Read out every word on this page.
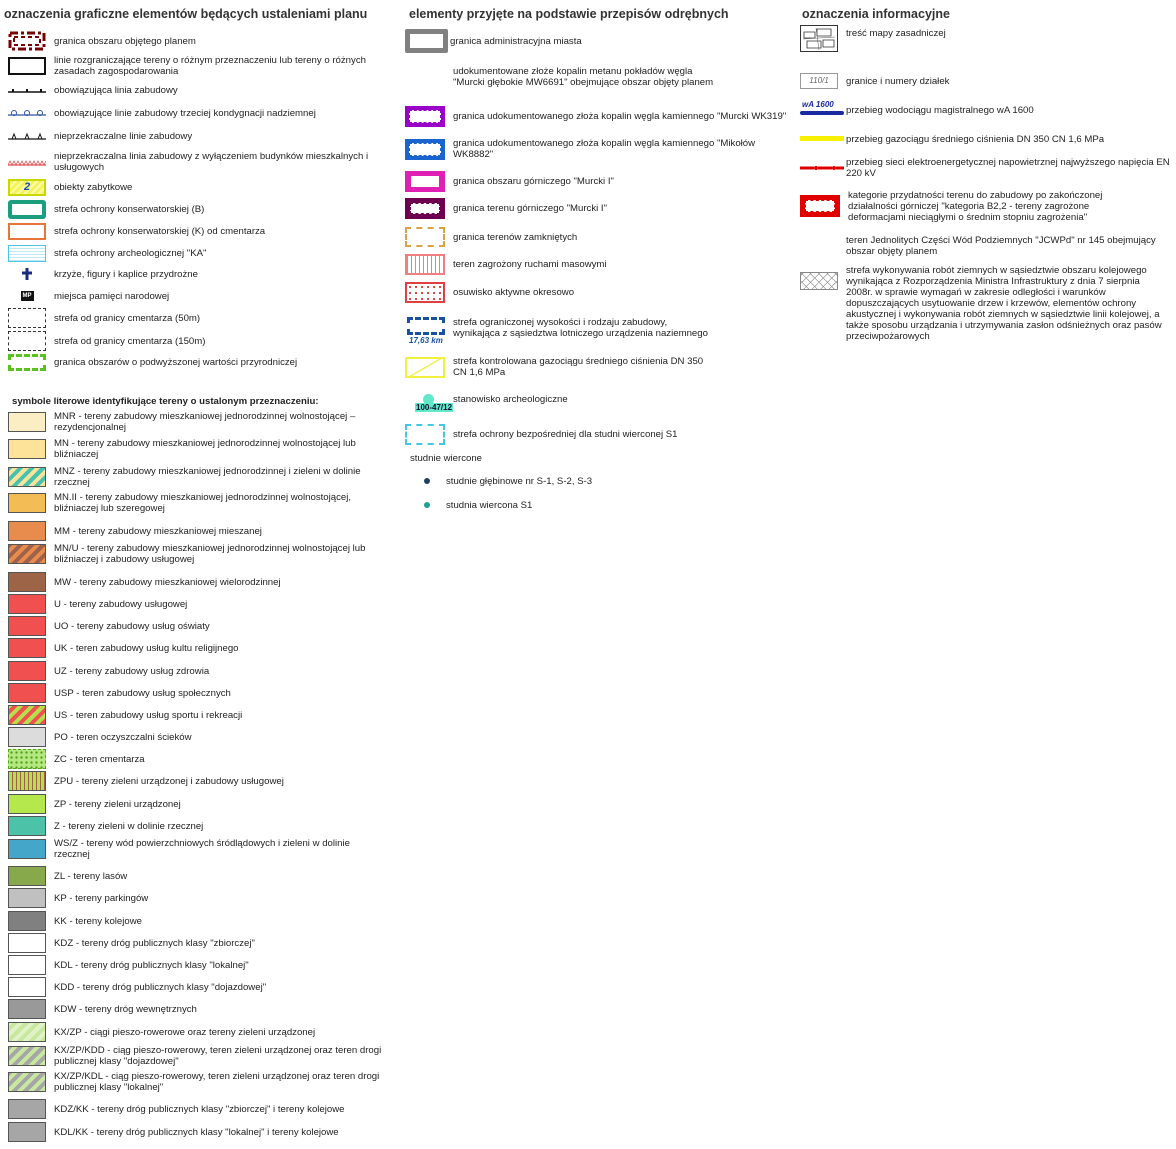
oznaczenia graficzne elementów będących ustaleniami planu
granica obszaru objętego planem
linie rozgraniczające tereny o różnym przeznaczeniu lub tereny o różnych zasadach zagospodarowania
obowiązująca linia zabudowy
obowiązujące linie zabudowy trzeciej kondygnacji nadziemnej
nieprzekraczalne linie zabudowy
nieprzekraczalna linia zabudowy z wyłączeniem budynków mieszkalnych i usługowych
2	obiekty zabytkowe
strefa ochrony konserwatorskiej (B)
strefa ochrony konserwatorskiej (K) od cmentarza
strefa ochrony archeologicznej "KA"
krzyże, figury i kaplice przydrożne
MP miejsca pamięci narodowej
strefa od granicy cmentarza (50m)
strefa od granicy cmentarza (150m)
granica obszarów o podwyższonej wartości przyrodniczej
symbole literowe identyfikujące tereny o ustalonym przeznaczeniu:
MNR - tereny zabudowy mieszkaniowej jednorodzinnej wolnostojącej – rezydencjonalnej
MN - tereny zabudowy mieszkaniowej jednorodzinnej wolnostojącej lub bliźniaczej
MNZ - tereny zabudowy mieszkaniowej jednorodzinnej i zieleni w dolinie rzecznej
MN.II - tereny zabudowy mieszkaniowej jednorodzinnej wolnostojącej, bliźniaczej lub szeregowej
MM - tereny zabudowy mieszkaniowej mieszanej
MN/U - tereny zabudowy mieszkaniowej jednorodzinnej wolnostojącej lub bliźniaczej i zabudowy usługowej
MW - tereny zabudowy mieszkaniowej wielorodzinnej
U - tereny zabudowy usługowej
UO - tereny zabudowy usług oświaty
UK - teren zabudowy usług kultu religijnego
UZ - tereny zabudowy usług zdrowia
USP - teren zabudowy usług społecznych
US - teren zabudowy usług sportu i rekreacji
PO - teren oczyszczalni ścieków
ZC - teren cmentarza
ZPU - tereny zieleni urządzonej i zabudowy usługowej
ZP - tereny zieleni urządzonej
Z - tereny zieleni w dolinie rzecznej
WS/Z - tereny wód powierzchniowych śródlądowych i zieleni w dolinie rzecznej
ZL - tereny lasów
KP - tereny parkingów
KK - tereny kolejowe
KDZ - tereny dróg publicznych klasy "zbiorczej"
KDL - tereny dróg publicznych klasy "lokalnej"
KDD - tereny dróg publicznych klasy "dojazdowej"
KDW - tereny dróg wewnętrznych
KX/ZP - ciągi pieszo-rowerowe oraz tereny zieleni urządzonej
KX/ZP/KDD - ciąg pieszo-rowerowy, teren zieleni urządzonej oraz teren drogi publicznej klasy "dojazdowej"
KX/ZP/KDL - ciąg pieszo-rowerowy, teren zieleni urządzonej oraz teren drogi publicznej klasy "lokalnej"
KDZ/KK - tereny dróg publicznych klasy "zbiorczej" i tereny kolejowe
KDL/KK - tereny dróg publicznych klasy "lokalnej" i tereny kolejowe
elementy przyjęte na podstawie przepisów odrębnych
granica administracyjna miasta
udokumentowane złoże kopalin metanu pokładów węgla "Murcki głębokie MW6691" obejmujące obszar objęty planem
granica udokumentowanego złoża kopalin węgla kamiennego "Murcki WK319"
granica udokumentowanego złoża kopalin węgla kamiennego "Mikołów WK8882"
granica obszaru górniczego "Murcki I"
granica terenu górniczego "Murcki I"
granica terenów zamkniętych
teren zagrożony ruchami masowymi
osuwisko aktywne okresowo
17,63 km
strefa ograniczonej wysokości i rodzaju zabudowy, wynikająca z sąsiedztwa lotniczego urządzenia naziemnego
strefa kontrolowana gazociągu średniego ciśnienia DN 350 CN 1,6 MPa
100-47/12
stanowisko archeologiczne
strefa ochrony bezpośredniej dla studni wierconej S1
studnie wiercone
studnie głębinowe nr S-1, S-2, S-3
studnia wiercona S1
oznaczenia informacyjne
treść mapy zasadniczej
110/1	granice i numery działek
wA 1600 przebieg wodociągu magistralnego wA 1600
przebieg gazociągu średniego ciśnienia DN 350 CN 1,6 MPa
przebieg sieci elektroenergetycznej napowietrznej najwyższego napięcia EN 220 kV
kategorie przydatności terenu do zabudowy po zakończonej działalności górniczej "kategoria B2,2 - tereny zagrożone deformacjami nieciągłymi o średnim stopniu zagrożenia"
teren Jednolitych Części Wód Podziemnych "JCWPd" nr 145 obejmujący obszar objęty planem
strefa wykonywania robót ziemnych w sąsiedztwie obszaru kolejowego wynikająca z Rozporządzenia Ministra Infrastruktury z dnia 7 sierpnia 2008r. w sprawie wymagań w zakresie odległości i warunków dopuszczających usytuowanie drzew i krzewów, elementów ochrony akustycznej i wykonywania robót ziemnych w sąsiedztwie linii kolejowej, a także sposobu urządzania i utrzymywania zasłon odśnieżnych oraz pasów przeciwpożarowych
